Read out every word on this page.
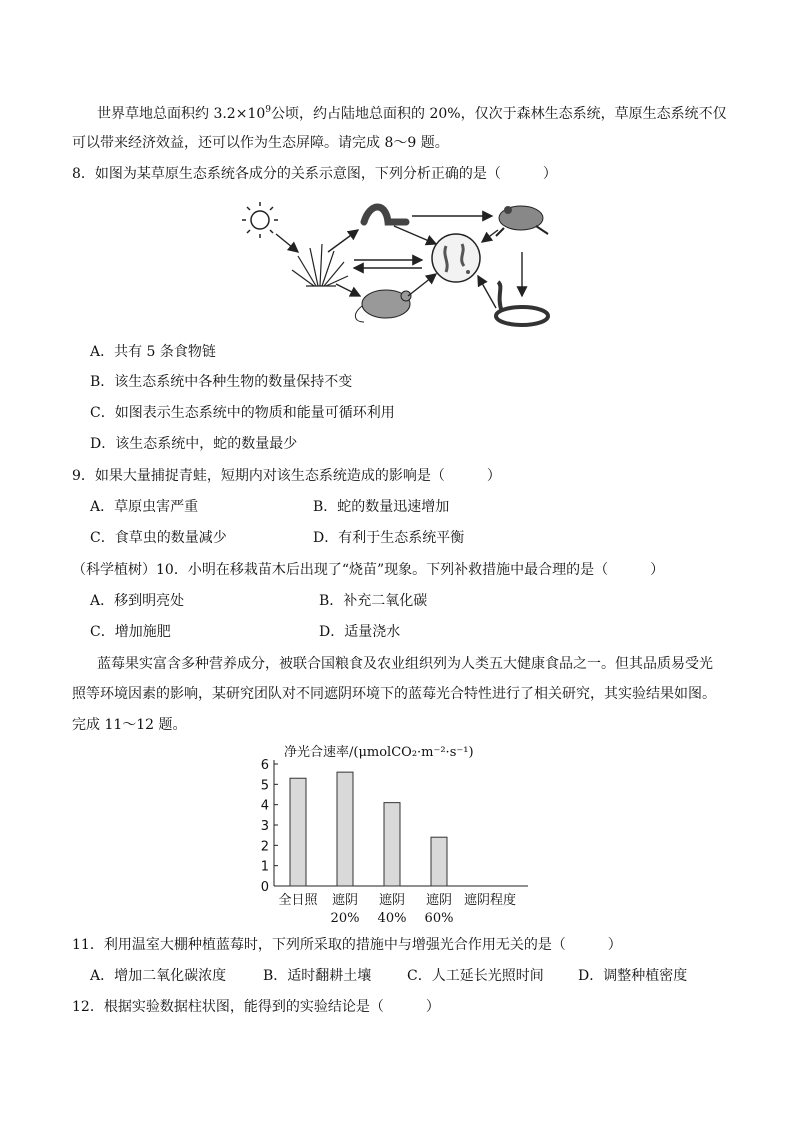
世界草地总面积约 $3.2\times 10^9$公顷，约占陆地总面积的 20%，仅次于森林生态系统，草原生态系统不仅
可以带来经济效益，还可以作为生态屏障。请完成 8～9 题。
8．如图为某草原生态系统各成分的关系示意图，下列分析正确的是（　　　）
A．共有 5 条食物链
B．该生态系统中各种生物的数量保持不变
C．如图表示生态系统中的物质和能量可循环利用
D．该生态系统中，蛇的数量最少
9．如果大量捕捉青蛙，短期内对该生态系统造成的影响是（　　　）
A．草原虫害严重	B．蛇的数量迅速增加
C．食草虫的数量减少	D．有利于生态系统平衡
（科学植树）10．小明在移栽苗木后出现了“烧苗”现象。下列补救措施中最合理的是（　　　）
A．移到明亮处	B．补充二氧化碳
C．增加施肥	D．适量浇水
蓝莓果实富含多种营养成分，被联合国粮食及农业组织列为人类五大健康食品之一。但其品质易受光
照等环境因素的影响，某研究团队对不同遮阴环境下的蓝莓光合特性进行了相关研究，其实验结果如图。
完成 11～12 题。
净光合速率/(μmolCO₂·m⁻²·s⁻¹)
0
1
2
3
4
5
6
全日照 遮阴
20%
遮阴
40%
遮阴
60%
遮阴程度
11．利用温室大棚种植蓝莓时，下列所采取的措施中与增强光合作用无关的是（　　　）
A．增加二氧化碳浓度	B．适时翻耕土壤	C．人工延长光照时间 D．调整种植密度
12．根据实验数据柱状图，能得到的实验结论是（　　　）
